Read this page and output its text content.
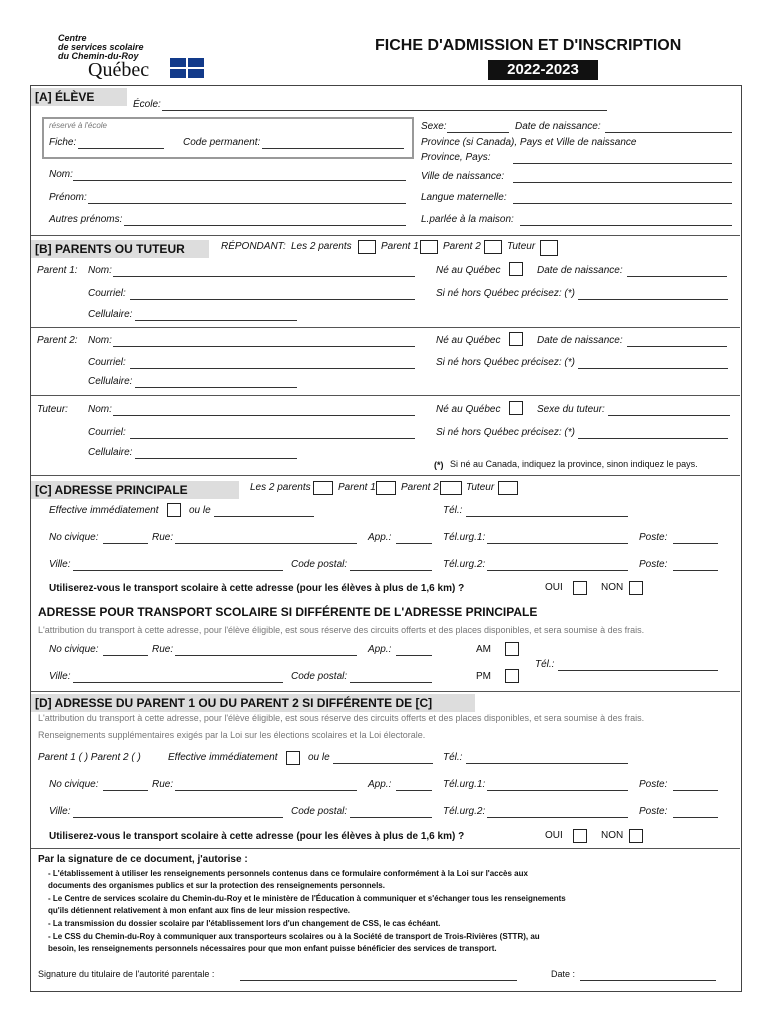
Centre
de services scolaire
du Chemin-du-Roy
Québec
FICHE D'ADMISSION ET D'INSCRIPTION
2022-2023
[A] ÉLÈVE
École:
réservé à l'école
Fiche:	Code permanent:
Sexe:	Date de naissance:
Province (si Canada), Pays et Ville de naissance
Province, Pays:
Nom:	Ville de naissance:
Prénom:	Langue maternelle:
Autres prénoms:	L.parlée à la maison:
[B] PARENTS OU TUTEUR	RÉPONDANT: Les 2 parents	Parent 1 Parent 2	Tuteur
Parent 1: Nom:	Né au Québec	Date de naissance:
Courriel:	Si né hors Québec précisez: (*)
Cellulaire:
Parent 2: Nom:	Né au Québec	Date de naissance:
Courriel:	Si né hors Québec précisez: (*)
Cellulaire:
Tuteur: Nom:	Né au Québec	Sexe du tuteur:
Courriel:	Si né hors Québec précisez: (*)
Cellulaire:
(*) Si né au Canada, indiquez la province, sinon indiquez le pays.
[C] ADRESSE PRINCIPALE	Les 2 parents	Parent 1	Parent 2	Tuteur
Effective immédiatement	ou le	Tél.:
No civique:	Rue:	App.:	Tél.urg.1:	Poste:
Ville:	Code postal:	Tél.urg.2:	Poste:
Utiliserez-vous le transport scolaire à cette adresse (pour les élèves à plus de 1,6 km) ?	OUI	NON
ADRESSE POUR TRANSPORT SCOLAIRE SI DIFFÉRENTE DE L'ADRESSE PRINCIPALE
L'attribution du transport à cette adresse, pour l'élève éligible, est sous réserve des circuits offerts et des places disponibles, et sera soumise à des frais.
No civique:	Rue:	App.:	AM
Tél.:
Ville:	Code postal:	PM
[D] ADRESSE DU PARENT 1 OU DU PARENT 2 SI DIFFÉRENTE DE [C]
L'attribution du transport à cette adresse, pour l'élève éligible, est sous réserve des circuits offerts et des places disponibles, et sera soumise à des frais.
Renseignements supplémentaires exigés par la Loi sur les élections scolaires et la Loi électorale.
Parent 1 ( ) Parent 2 ( )	Effective immédiatement	ou le	Tél.:
No civique:	Rue:	App.:	Tél.urg.1:	Poste:
Ville:	Code postal:	Tél.urg.2:	Poste:
Utiliserez-vous le transport scolaire à cette adresse (pour les élèves à plus de 1,6 km) ?	OUI	NON
Par la signature de ce document, j'autorise :
- L'établissement à utiliser les renseignements personnels contenus dans ce formulaire conformément à la Loi sur l'accès aux
documents des organismes publics et sur la protection des renseignements personnels.
- Le Centre de services scolaire du Chemin-du-Roy et le ministère de l'Éducation à communiquer et s'échanger tous les renseignements
qu'ils détiennent relativement à mon enfant aux fins de leur mission respective.
- La transmission du dossier scolaire par l'établissement lors d'un changement de CSS, le cas échéant.
- Le CSS du Chemin-du-Roy à communiquer aux transporteurs scolaires ou à la Société de transport de Trois-Rivières (STTR), au
besoin, les renseignements personnels nécessaires pour que mon enfant puisse bénéficier des services de transport.
Signature du titulaire de l'autorité parentale :	Date :
